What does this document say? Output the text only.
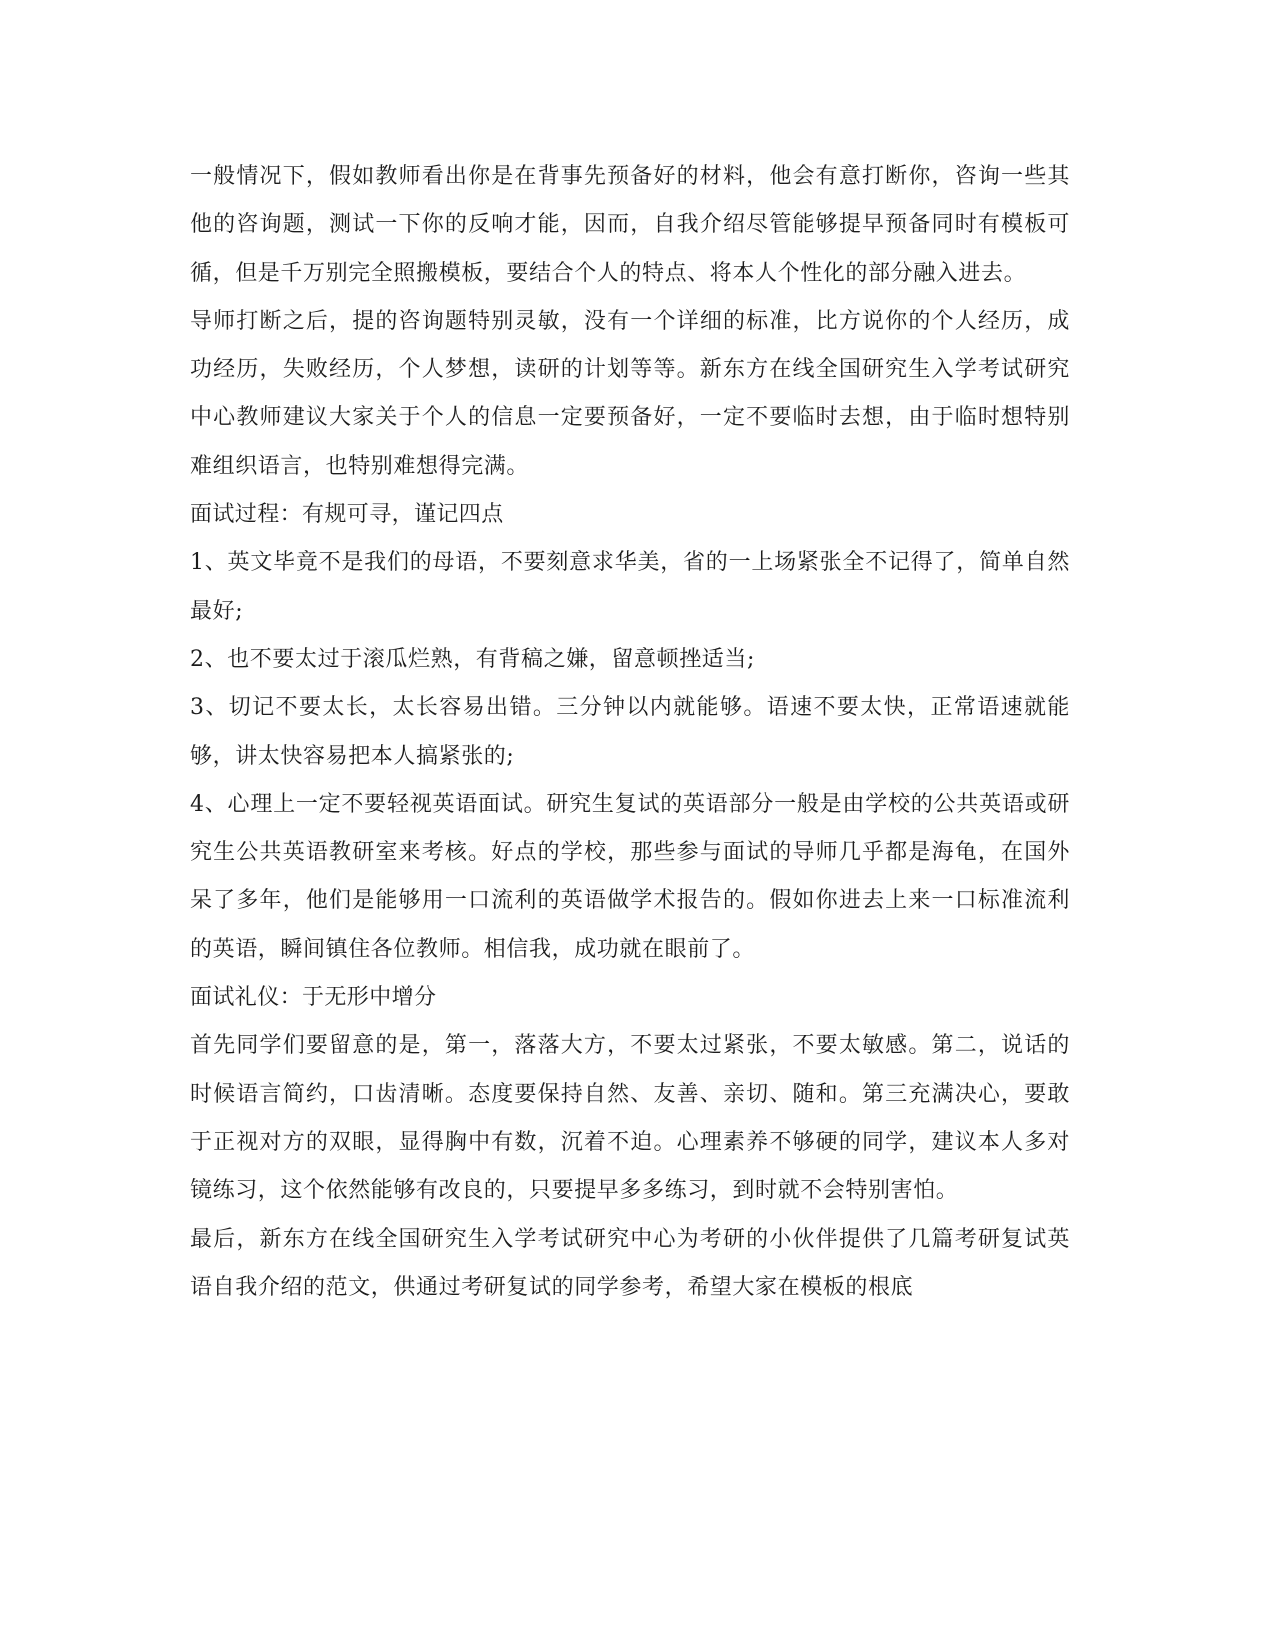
一般情况下，假如教师看出你是在背事先预备好的材料，他会有意打断你，咨询一些其他的咨询题，测试一下你的反响才能，因而，自我介绍尽管能够提早预备同时有模板可循，但是千万别完全照搬模板，要结合个人的特点、将本人个性化的部分融入进去。

导师打断之后，提的咨询题特别灵敏，没有一个详细的标准，比方说你的个人经历，成功经历，失败经历，个人梦想，读研的计划等等。新东方在线全国研究生入学考试研究中心教师建议大家关于个人的信息一定要预备好，一定不要临时去想，由于临时想特别难组织语言，也特别难想得完满。

面试过程：有规可寻，谨记四点

1、英文毕竟不是我们的母语，不要刻意求华美，省的一上场紧张全不记得了，简单自然最好;

2、也不要太过于滚瓜烂熟，有背稿之嫌，留意顿挫适当;

3、切记不要太长，太长容易出错。三分钟以内就能够。语速不要太快，正常语速就能够，讲太快容易把本人搞紧张的;

4、心理上一定不要轻视英语面试。研究生复试的英语部分一般是由学校的公共英语或研究生公共英语教研室来考核。好点的学校，那些参与面试的导师几乎都是海龟，在国外呆了多年，他们是能够用一口流利的英语做学术报告的。假如你进去上来一口标准流利的英语，瞬间镇住各位教师。相信我，成功就在眼前了。

面试礼仪：于无形中增分

首先同学们要留意的是，第一，落落大方，不要太过紧张，不要太敏感。第二，说话的时候语言简约，口齿清晰。态度要保持自然、友善、亲切、随和。第三充满决心，要敢于正视对方的双眼，显得胸中有数，沉着不迫。心理素养不够硬的同学，建议本人多对镜练习，这个依然能够有改良的，只要提早多多练习，到时就不会特别害怕。

最后，新东方在线全国研究生入学考试研究中心为考研的小伙伴提供了几篇考研复试英语自我介绍的范文，供通过考研复试的同学参考，希望大家在模板的根底
